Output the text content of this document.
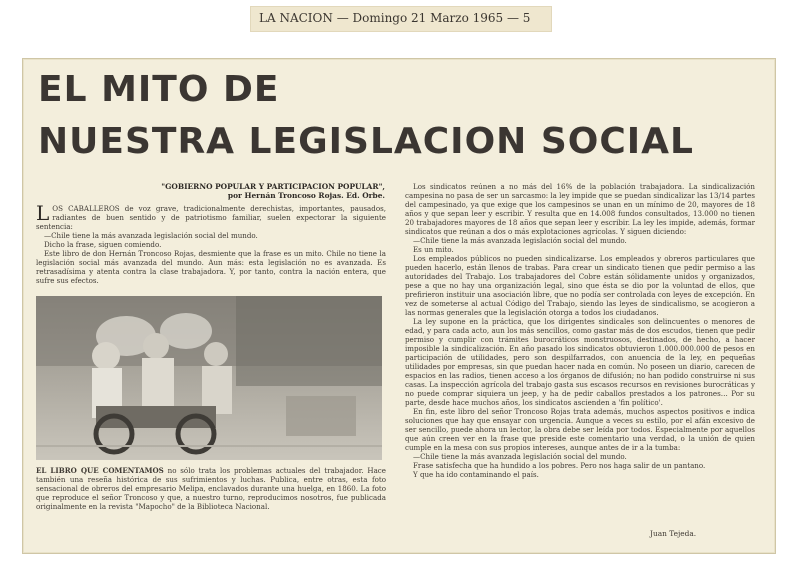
LA NACION — Domingo 21 Marzo 1965 — 5
EL MITO DE
NUESTRA LEGISLACION SOCIAL
"GOBIERNO POPULAR Y PARTICIPACION POPULAR", por Hernán Troncoso Rojas. Ed. Orbe.

LOS CABALLEROS de voz grave, tradicionalmente derechistas, importantes, pausados, radiantes de buen sentido y de patriotismo familiar, suelen expectorar la siguiente sentencia:

—Chile tiene la más avanzada legislación social del mundo.

Dicho la frase, siguen comiendo.

Este libro de don Hernán Troncoso Rojas, desmiente que la frase es un mito. Chile no tiene la legislación social más avanzada del mundo. Aun más: esta legislación no es avanzada. Es retrasadísima y atenta contra la clase trabajadora. Y, por tanto, contra la nación entera, que sufre sus efectos.

EL LIBRO QUE COMENTAMOS no sólo trata los problemas actuales del trabajador. Hace también una reseña histórica de sus sufrimientos y luchas. Publica, entre otras, esta foto sensacional de obreros del empresario Melipa, enclavados durante una huelga, en 1860. La foto que reproduce el señor Troncoso y que, a nuestro turno, reproducimos nosotros, fue publicada originalmente en la revista "Mapocho" de la Biblioteca Nacional.

Los sindicatos reúnen a no más del 16% de la población trabajadora. La sindicalización campesina no pasa de ser un sarcasmo: la ley impide que se puedan sindicalizar las 13/14 partes del campesinado, ya que exige que los campesinos se unan en un mínimo de 20, mayores de 18 años y que sepan leer y escribir. Y resulta que en 14.008 fundos consultados, 13.000 no tienen 20 trabajadores mayores de 18 años que sepan leer y escribir. La ley les impide, además, formar sindicatos que reúnan a dos o más explotaciones agrícolas. Y siguen diciendo:

—Chile tiene la más avanzada legislación social del mundo.

Es un mito.

Los empleados públicos no pueden sindicalizarse. Los empleados y obreros particulares que pueden hacerlo, están llenos de trabas. Para crear un sindicato tienen que pedir permiso a las autoridades del Trabajo. Los trabajadores del Cobre están sólidamente unidos y organizados, pese a que no hay una organización legal, sino que ésta se dio por la voluntad de ellos, que prefirieron instituir una asociación libre, que no podía ser controlada con leyes de excepción. En vez de someterse al actual Código del Trabajo, siendo las leyes de sindicalismo, se acogieron a las normas generales que la legislación otorga a todos los ciudadanos.

La ley supone en la práctica, que los dirigentes sindicales son delincuentes o menores de edad, y para cada acto, aun los más sencillos, como gastar más de dos escudos, tienen que pedir permiso y cumplir con trámites burocráticos monstruosos, destinados, de hecho, a hacer imposible la sindicalización. En año pasado los sindicatos obtuvieron 1.000.000.000 de pesos en participación de utilidades, pero son despilfarrados, con anuencia de la ley, en pequeñas utilidades por empresas, sin que puedan hacer nada en común. No poseen un diario, carecen de espacios en las radios, tienen acceso a los órganos de difusión; no han podido construirse ni sus casas. La inspección agrícola del trabajo gasta sus escasos recursos en revisiones burocráticas y no puede comprar siquiera un jeep, y ha de pedir caballos prestados a los patrones… Por su parte, desde hace muchos años, los sindicatos ascienden a 'fin político'.

En fin, este libro del señor Troncoso Rojas trata además, muchos aspectos positivos e indica soluciones que hay que ensayar con urgencia. Aunque a veces su estilo, por el afán excesivo de ser sencillo, puede ahora un lector, la obra debe ser leída por todos. Especialmente por aquellos que aún creen ver en la frase que preside este comentario una verdad, o la unión de quien cumple en la mesa con sus propios intereses, aunque antes de ir a la tumba:

—Chile tiene la más avanzada legislación social del mundo.

Frase satisfecha que ha hundido a los pobres. Pero nos haga salir de un pantano.

Y que ha ido contaminando el país.

Juan Tejeda.
